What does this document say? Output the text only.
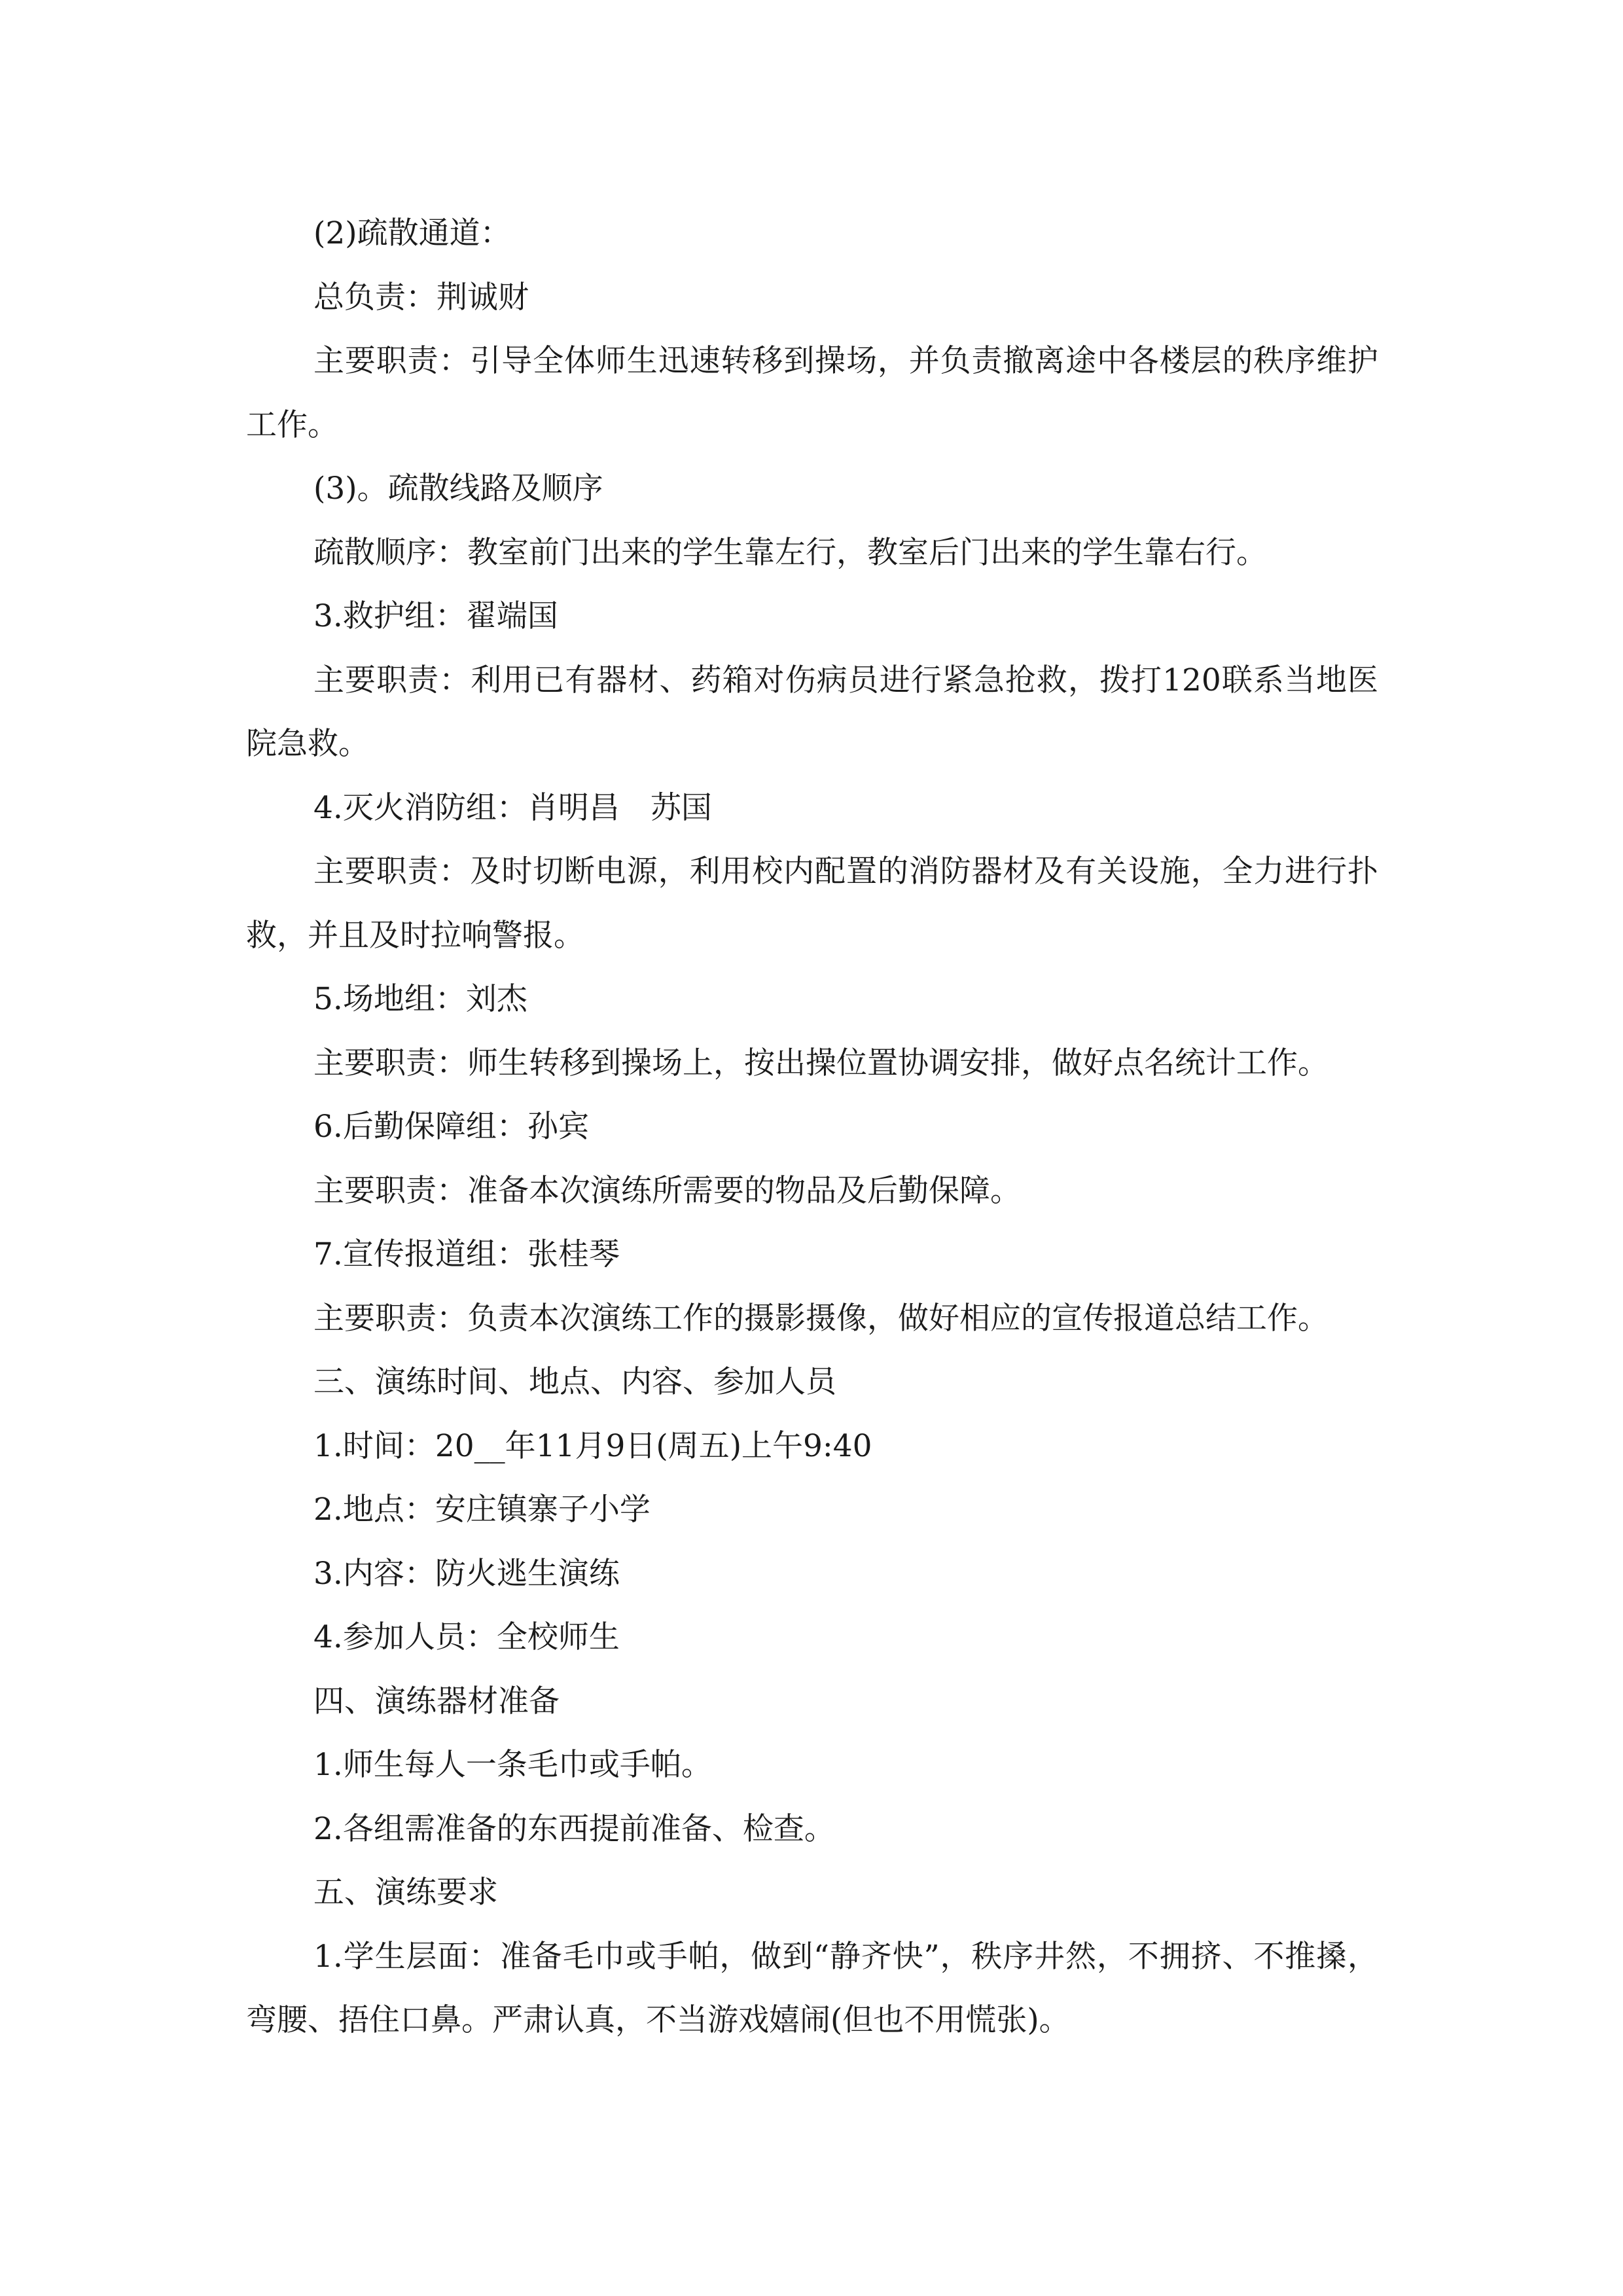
(2)疏散通道：

总负责：荆诚财

主要职责：引导全体师生迅速转移到操场，并负责撤离途中各楼层的秩序维护工作。

(3)。疏散线路及顺序

疏散顺序：教室前门出来的学生靠左行，教室后门出来的学生靠右行。

3.救护组：翟端国

主要职责：利用已有器材、药箱对伤病员进行紧急抢救，拨打120联系当地医院急救。

4.灭火消防组：肖明昌　苏国

主要职责：及时切断电源，利用校内配置的消防器材及有关设施，全力进行扑救，并且及时拉响警报。

5.场地组：刘杰

主要职责：师生转移到操场上，按出操位置协调安排，做好点名统计工作。

6.后勤保障组：孙宾

主要职责：准备本次演练所需要的物品及后勤保障。

7.宣传报道组：张桂琴

主要职责：负责本次演练工作的摄影摄像，做好相应的宣传报道总结工作。

三、演练时间、地点、内容、参加人员

1.时间：20__年11月9日(周五)上午9:40

2.地点：安庄镇寨子小学

3.内容：防火逃生演练

4.参加人员：全校师生

四、演练器材准备

1.师生每人一条毛巾或手帕。

2.各组需准备的东西提前准备、检查。

五、演练要求

1.学生层面：准备毛巾或手帕，做到“静齐快”，秩序井然，不拥挤、不推搡，弯腰、捂住口鼻。严肃认真，不当游戏嬉闹(但也不用慌张)。
